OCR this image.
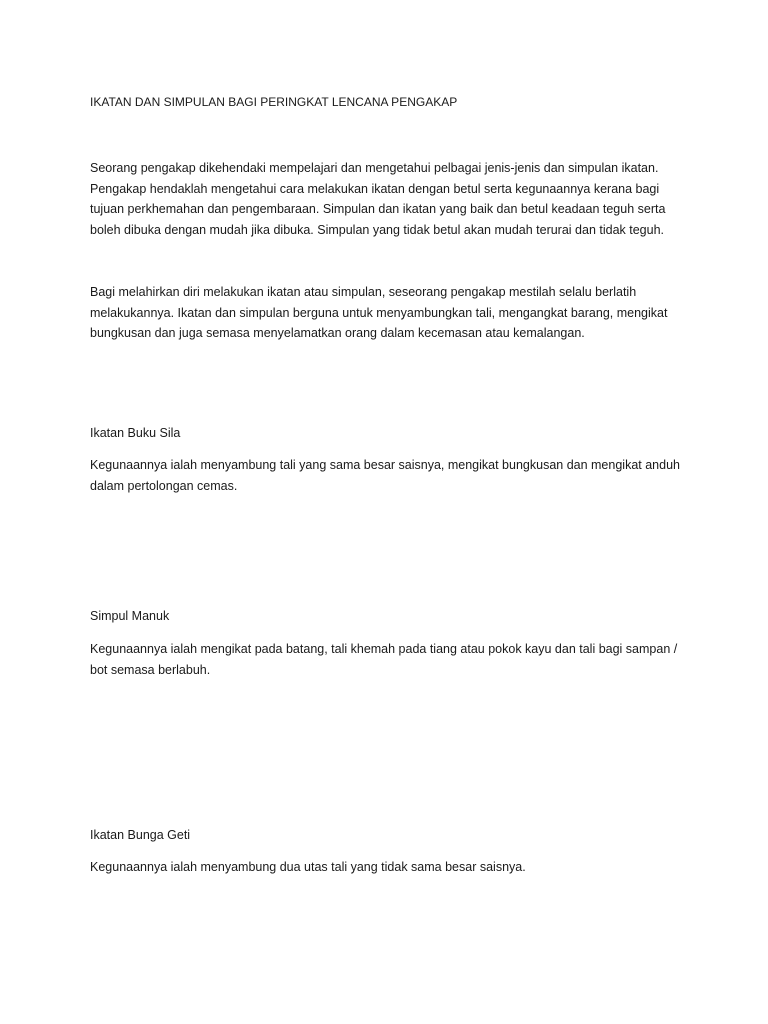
IKATAN DAN SIMPULAN BAGI PERINGKAT LENCANA PENGAKAP

Seorang pengakap dikehendaki mempelajari dan mengetahui pelbagai jenis-jenis dan simpulan ikatan. Pengakap hendaklah mengetahui cara melakukan ikatan dengan betul serta kegunaannya kerana bagi tujuan perkhemahan dan pengembaraan. Simpulan dan ikatan yang baik dan betul keadaan teguh serta boleh dibuka dengan mudah jika dibuka. Simpulan yang tidak betul akan mudah terurai dan tidak teguh.

Bagi melahirkan diri melakukan ikatan atau simpulan, seseorang pengakap mestilah selalu berlatih melakukannya. Ikatan dan simpulan berguna untuk menyambungkan tali, mengangkat barang, mengikat bungkusan dan juga semasa menyelamatkan orang dalam kecemasan atau kemalangan.

Ikatan Buku Sila

Kegunaannya ialah menyambung tali yang sama besar saisnya, mengikat bungkusan dan mengikat anduh dalam pertolongan cemas.

Simpul Manuk

Kegunaannya ialah mengikat pada batang, tali khemah pada tiang atau pokok kayu dan tali bagi sampan / bot semasa berlabuh.

Ikatan Bunga Geti

Kegunaannya ialah menyambung dua utas tali yang tidak sama besar saisnya.
